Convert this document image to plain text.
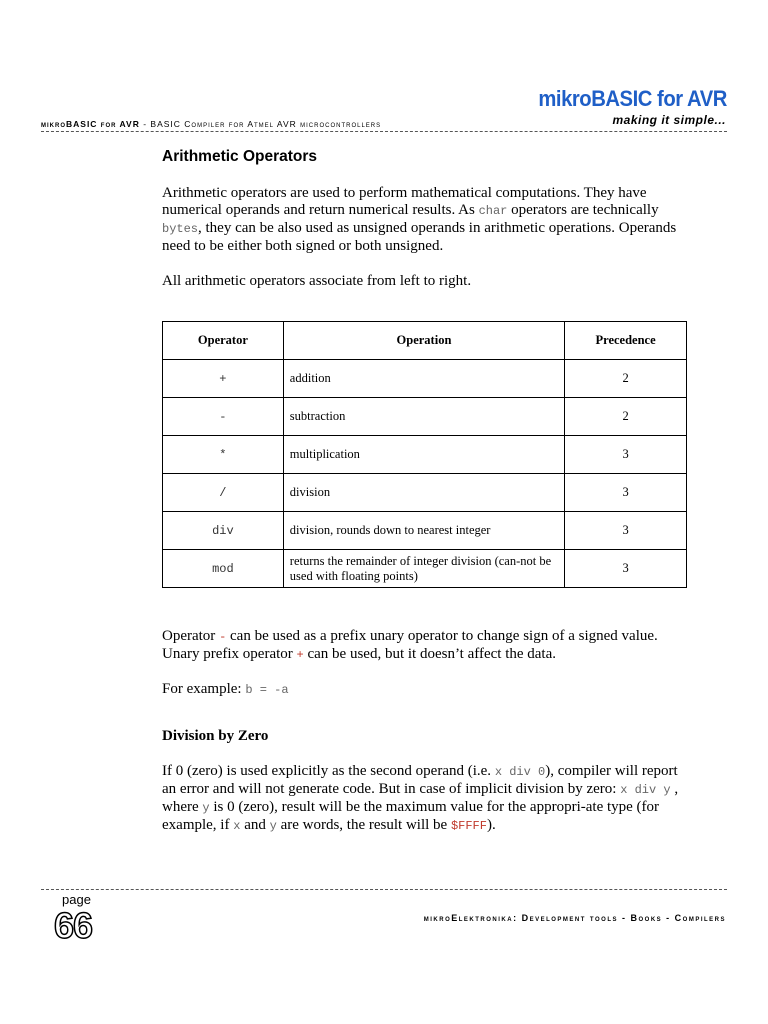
mikroBASIC for AVR
mikroBASIC for AVR - BASIC Compiler for Atmel AVR microcontrollers	making it simple...
Arithmetic Operators

Arithmetic operators are used to perform mathematical computations. They have numerical operands and return numerical results. As char operators are technically bytes, they can be also used as unsigned operands in arithmetic operations. Operands need to be either both signed or both unsigned.

All arithmetic operators associate from left to right.

Operator	Operation	Precedence
+	addition	2
-	subtraction	2
*	multiplication	3
/	division	3
div	division, rounds down to nearest integer	3
mod	returns the remainder of integer division (can-not be used with floating points)	3

Operator - can be used as a prefix unary operator to change sign of a signed value. Unary prefix operator + can be used, but it doesn’t affect the data.

For example: b = -a

Division by Zero

If 0 (zero) is used explicitly as the second operand (i.e. x div 0), compiler will report an error and will not generate code. But in case of implicit division by zero: x div y , where y is 0 (zero), result will be the maximum value for the appropri-ate type (for example, if x and y are words, the result will be $FFFF).

page
66	mikroElektronika: Development tools - Books - Compilers
